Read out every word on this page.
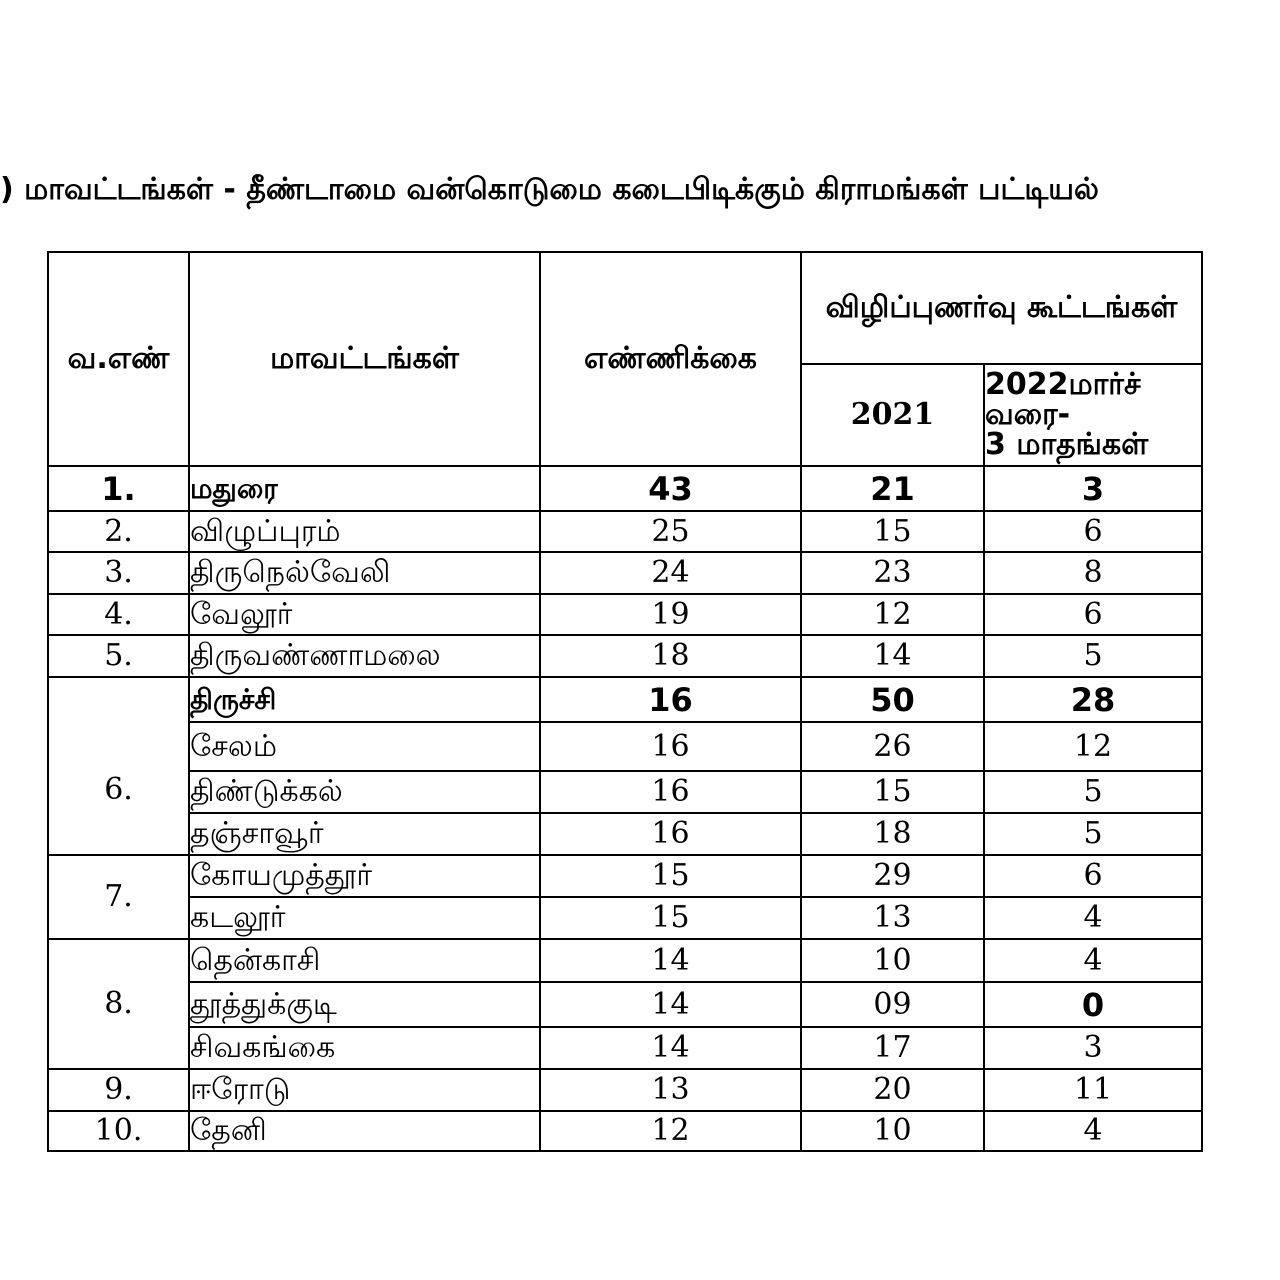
) மாவட்டங்கள் - தீண்டாமை வன்கொடுமை கடைபிடிக்கும் கிராமங்கள் பட்டியல்
வ.எண்	மாவட்டங்கள்	எண்ணிக்கை	விழிப்புணர்வு கூட்டங்கள்	
			2021	2022மார்ச்
வரை-
3 மாதங்கள்

1.	மதுரை	43	21	3
2.	விழுப்புரம்	25	15	6
3.	திருநெல்வேலி	24	23	8
4.	வேலூர்	19	12	6
5.	திருவண்ணாமலை	18	14	5
6.	திருச்சி	16	50	28
	சேலம்	16	26	12
	திண்டுக்கல்	16	15	5
	தஞ்சாவூர்	16	18	5
7.	கோயமுத்தூர்	15	29	6
	கடலூர்	15	13	4
8.	தென்காசி	14	10	4
	தூத்துக்குடி	14	09	0
	சிவகங்கை	14	17	3
9.	ஈரோடு	13	20	11
10.	தேனி	12	10	4
